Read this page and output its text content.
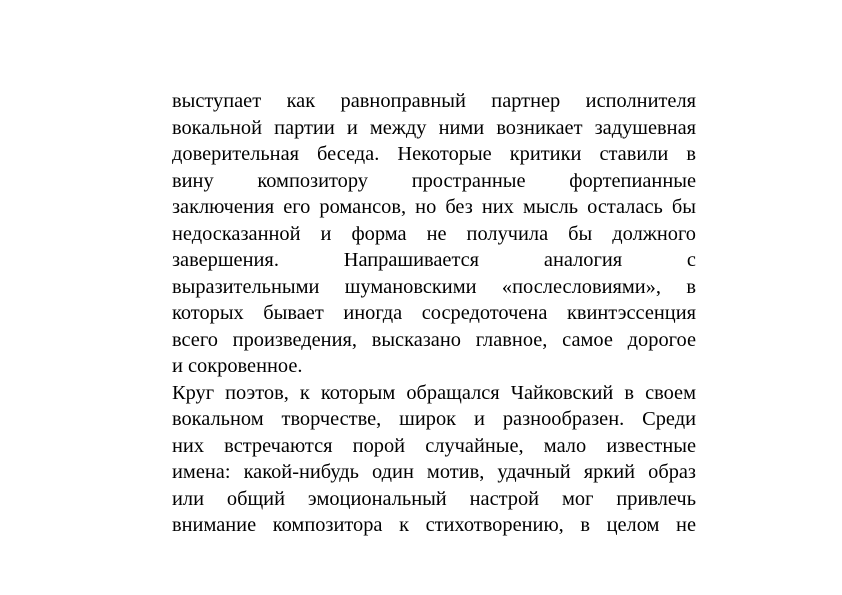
выступает как равноправный партнер исполнителя
вокальной партии и между ними возникает задушевная
доверительная беседа. Некоторые критики ставили в
вину композитору пространные фортепианные
заключения его романсов, но без них мысль осталась бы
недосказанной и форма не получила бы должного
завершения. Напрашивается аналогия с
выразительными шумановскими «послесловиями», в
которых бывает иногда сосредоточена квинтэссенция
всего произведения, высказано главное, самое дорогое
и сокровенное.
Круг поэтов, к которым обращался Чайковский в своем
вокальном творчестве, широк и разнообразен. Среди
них встречаются порой случайные, мало известные
имена: какой-нибудь один мотив, удачный яркий образ
или общий эмоциональный настрой мог привлечь
внимание композитора к стихотворению, в целом не
